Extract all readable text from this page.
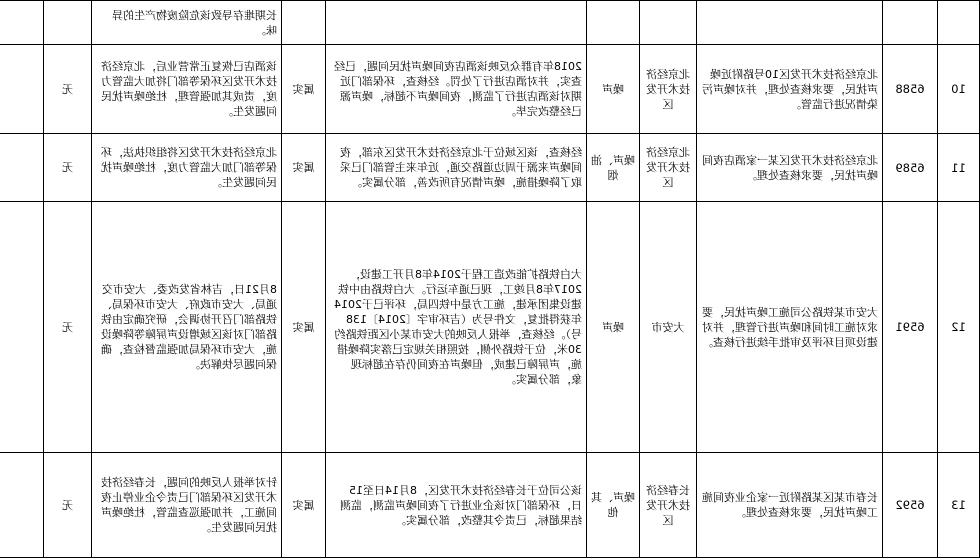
							长期堆存导致该危险废物产生的异味。		
10	6588	北京经济技术开发区10号路附近噪声扰民，要求核查处理，并对噪声污染情况进行监管。	北京经济技术开发区	噪声	2018年有群众反映该酒店夜间噪声扰民问题，已经查实，并对酒店进行了处罚。经核查，环保部门近期对该酒店进行了监测，夜间噪声不超标，噪声源已经整改完毕。	属实	该酒店已恢复正常营业后，北京经济技术开发区环保等部门将加大监管力度，责成其加强管理，杜绝噪声扰民问题发生。	无	
11	6589	北京经济技术开发区某一家酒店夜间噪声扰民，要求核查处理。	北京经济技术开发区	噪声、油烟	经核查，该区域位于北京经济技术开发区东部，夜间噪声来源于周边道路交通，近年来主管部门已采取了降噪措施，噪声情况有所改善，部分属实。	属实	北京经济技术开发区将组织执法，环保等部门加大监管力度，杜绝噪声扰民问题发生。	无	
12	6591	大安市某铁路公司施工噪声扰民，要求对施工时间和噪声进行管理，并对建设项目环评及审批手续进行核查。	大安市	噪声	大白铁路扩能改造工程于2014年8月开工建设，2017年8月竣工，现已通车运行。大白铁路由中铁建设集团承建，施工方是中铁四局，环评已于2014年获得批复，文件号为（吉环审字〔2014〕138号）。经核查，举报人反映的大安市某小区距铁路约30米，位于铁路外侧，按照相关规定已落实降噪措施，声屏障已建成，但噪声在夜间仍存在超标现象，部分属实。	属实	8月21日，吉林省发改委、大安市交通局、大安市政府、大安市环保局、铁路部门召开协调会，研究确定由铁路部门对该区域增设声屏障等降噪设施，大安市环保局加强监督检查，确保问题尽快解决。	无	
13	6592	长春市某区某路附近一家企业夜间施工噪声扰民，要求核查处理。	长春经济技术开发区	噪声、其他	该公司位于长春经济技术开发区，8月14日至15日，环保部门对该企业进行了夜间噪声监测，监测结果超标，已责令其整改，部分属实。	属实	针对举报人反映的问题，长春经济技术开发区环保部门已责令企业停止夜间施工，并加强巡查监管，杜绝噪声扰民问题发生。	无	
